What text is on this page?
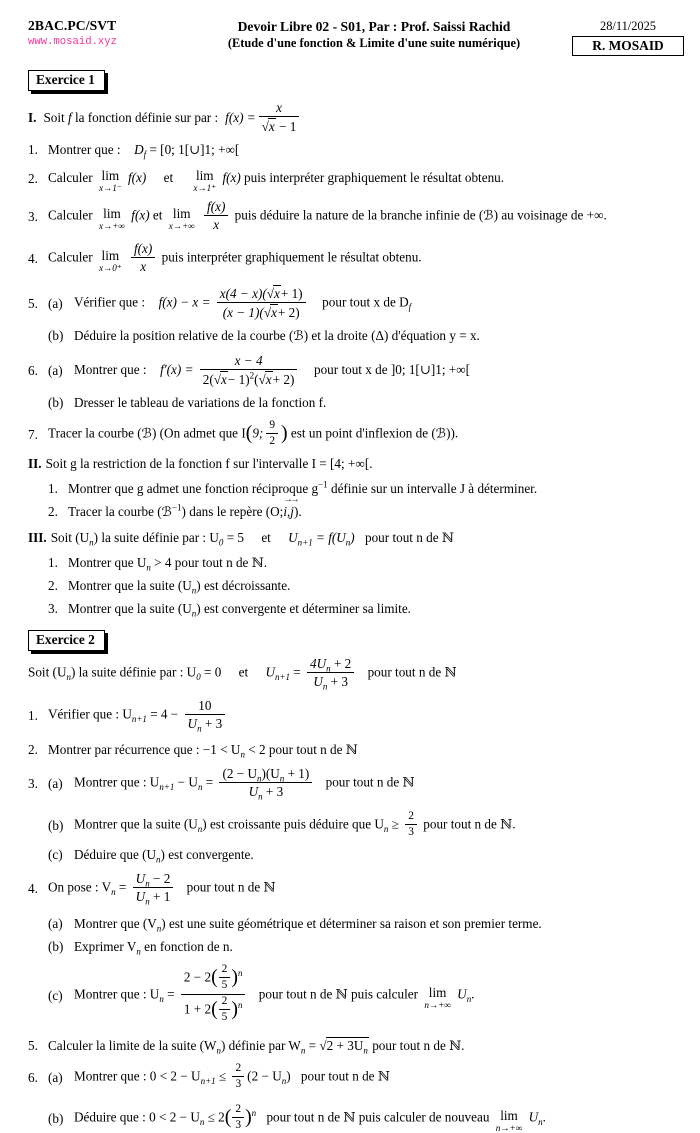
2BAC.PC/SVT
www.mosaid.xyz
Devoir Libre 02 - S01, Par : Prof. Saissi Rachid
(Etude d'une fonction & Limite d'une suite numérique)
28/11/2025
R. MOSAID
Exercice 1
I. Soit
f
la fonction définie sur par : $f(x) = \frac{x}{√x - 1}$
1. Montrer que : $D_f = [0$; 1[∪]1; +∞[
2. Calculer lim
x→1⁻
f(x) et lim
x→1⁺
f(x) puis interpréter graphiquement le résultat obtenu.
3. Calculer lim
x→+∞
f(x) et lim
x→+∞
$\frac{f(x)}{x}$ puis déduire la nature de la branche infinie de (ℬ) au voisinage de +∞.
4. Calculer lim
x→0⁺
$\frac{f(x)}{x}$ puis interpréter graphiquement le résultat obtenu.
5. (a) Vérifier que : $f(x) - x = \frac{x(4 - x)(√x+ 1)}{(x - 1)(√x+ 2)}$ pour tout x de $D_f$
(b) Déduire la position relative de la courbe (ℬ) et la droite (Δ) d'équation y = x.
6. (a) Montrer que : $f'(x) = \frac{x - 4}{2(√x- 1)^2(√x+ 2)}$ pour tout x de ]0; 1[∪]1; +∞[
(b) Dresser le tableau de variations de la fonction f.
7. Tracer la courbe (ℬ) (On admet que I(9; $\frac{9}{2}$ ) est un point d'inflexion de (ℬ)).
II. Soit g la restriction de la fonction f sur l'intervalle I = [4; +∞[.
1. Montrer que g admet une fonction réciproque $g^{-1}$ définie sur un intervalle J à déterminer.
2. Tracer la courbe (ℬ$^{-1}$) dans le repère (O;i →,j →).
III. Soit $(U_n)$ la suite définie par : $U_0 = 5$ et $U_{n+1} = f(U_n)$ pour tout n de ℕ
1. Montrer que $U_n > 4$ pour tout n de ℕ.
2. Montrer que la suite $(U_n)$ est décroissante.
3. Montrer que la suite $(U_n)$ est convergente et déterminer sa limite.
Exercice 2
Soit $(U_n)$ la suite définie par : $U_0 = 0$ et $U_{n+1} = \frac{4U_n + 2}{U_n + 3}$ pour tout n de ℕ
1. Vérifier que : $U_{n+1} = 4 - \frac{10}{U_n + 3}$
2. Montrer par récurrence que : $-1 < U_n < 2$ pour tout n de ℕ
3. (a) Montrer que : $U_{n+1} - U_n = \frac{(2 - U_n)(U_n + 1)}{U_n + 3}$ pour tout n de ℕ
(b) Montrer que la suite $(U_n)$ est croissante puis déduire que $U_n \ge \frac{2}{3}$ pour tout n de ℕ.
(c) Déduire que $(U_n)$ est convergente.
4. On pose : $V_n = \frac{U_n - 2}{U_n + 1}$ pour tout n de ℕ
(a) Montrer que $(V_n)$ est une suite géométrique et déterminer sa raison et son premier terme.
(b) Exprimer $V_n$ en fonction de n.
(c) Montrer que : $U_n = \frac{2 - 2( \frac{2}{5} )^n}{1 + 2( \frac{2}{5} )^n}$ pour tout n de ℕ puis calculer lim
n→+∞
$U_n$.
5. Calculer la limite de la suite $(W_n)$ définie par $W_n = √2 + 3U_n$ pour tout n de ℕ.
6. (a) Montrer que : $0 < 2 - U_{n+1} \le \frac{2}{3} (2 - U_n)$ pour tout n de ℕ
(b) Déduire que : $0 < 2 - U_n \le 2( \frac{2}{3} )^n$ pour tout n de ℕ puis calculer de nouveau lim
n→+∞
$U_n$.
